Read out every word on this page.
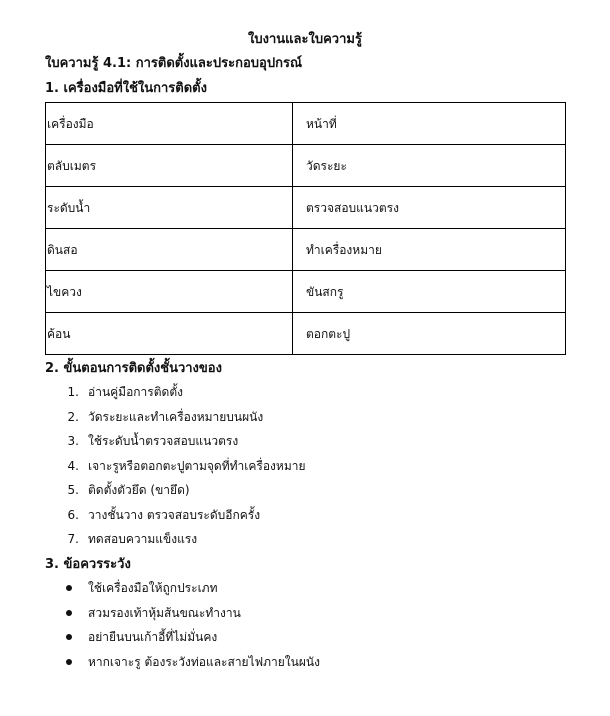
ใบงานและใบความรู้
ใบความรู้ 4.1: การติดตั้งและประกอบอุปกรณ์
1. เครื่องมือที่ใช้ในการติดตั้ง
เครื่องมือ	หน้าที่
ตลับเมตร	วัดระยะ
ระดับน้ำ	ตรวจสอบแนวตรง
ดินสอ	ทำเครื่องหมาย
ไขควง	ขันสกรู
ค้อน	ตอกตะปู
2. ขั้นตอนการติดตั้งชั้นวางของ
1. อ่านคู่มือการติดตั้ง
2. วัดระยะและทำเครื่องหมายบนผนัง
3. ใช้ระดับน้ำตรวจสอบแนวตรง
4. เจาะรูหรือตอกตะปูตามจุดที่ทำเครื่องหมาย
5. ติดตั้งตัวยึด (ขายึด)
6. วางชั้นวาง ตรวจสอบระดับอีกครั้ง
7. ทดสอบความแข็งแรง
3. ข้อควรระวัง
ใช้เครื่องมือให้ถูกประเภท
สวมรองเท้าหุ้มส้นขณะทำงาน
อย่ายืนบนเก้าอี้ที่ไม่มั่นคง
หากเจาะรู ต้องระวังท่อและสายไฟภายในผนัง
